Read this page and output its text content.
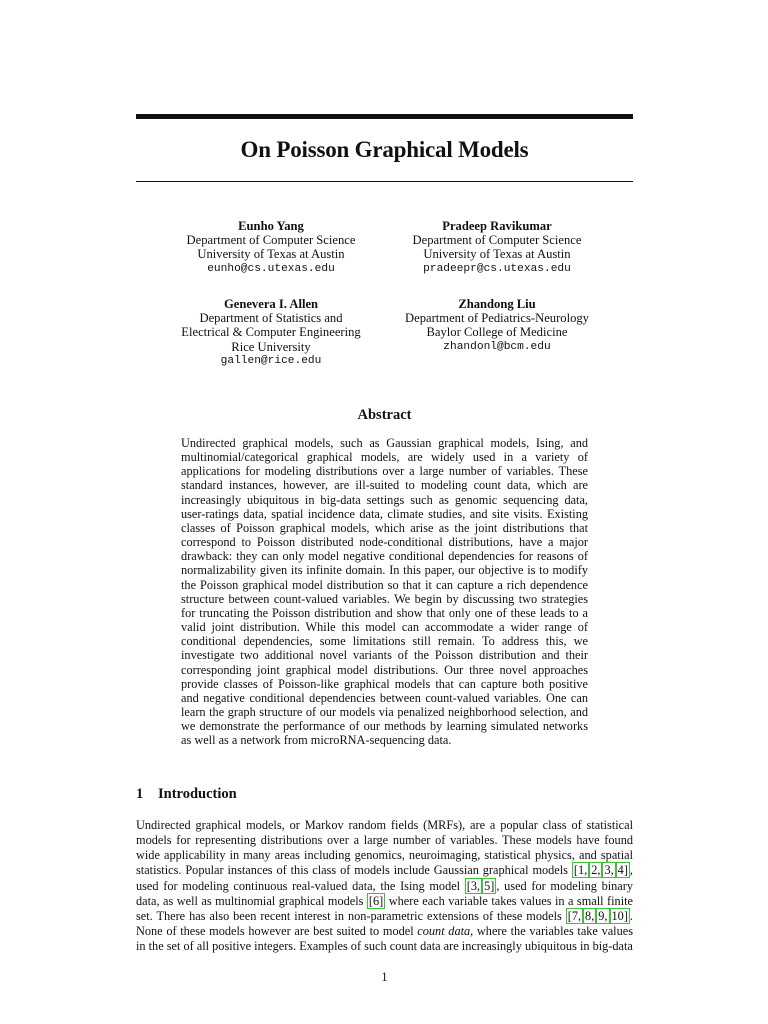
On Poisson Graphical Models
Eunho Yang
Department of Computer Science
University of Texas at Austin
eunho@cs.utexas.edu
Pradeep Ravikumar
Department of Computer Science
University of Texas at Austin
pradeepr@cs.utexas.edu
Genevera I. Allen
Department of Statistics and
Electrical & Computer Engineering
Rice University
gallen@rice.edu
Zhandong Liu
Department of Pediatrics-Neurology
Baylor College of Medicine
zhandonl@bcm.edu
Abstract
Undirected graphical models, such as Gaussian graphical models, Ising, and multinomial/categorical graphical models, are widely used in a variety of applications for modeling distributions over a large number of variables. These standard instances, however, are ill-suited to modeling count data, which are increasingly ubiquitous in big-data settings such as genomic sequencing data, user-ratings data, spatial incidence data, climate studies, and site visits. Existing classes of Poisson graphical models, which arise as the joint distributions that correspond to Poisson distributed node-conditional distributions, have a major drawback: they can only model negative conditional dependencies for reasons of normalizability given its infinite domain. In this paper, our objective is to modify the Poisson graphical model distribution so that it can capture a rich dependence structure between count-valued variables. We begin by discussing two strategies for truncating the Poisson distribution and show that only one of these leads to a valid joint distribution. While this model can accommodate a wider range of conditional dependencies, some limitations still remain. To address this, we investigate two additional novel variants of the Poisson distribution and their corresponding joint graphical model distributions. Our three novel approaches provide classes of Poisson-like graphical models that can capture both positive and negative conditional dependencies between count-valued variables. One can learn the graph structure of our models via penalized neighborhood selection, and we demonstrate the performance of our methods by learning simulated networks as well as a network from microRNA-sequencing data.
1 Introduction
Undirected graphical models, or Markov random fields (MRFs), are a popular class of statistical models for representing distributions over a large number of variables. These models have found wide applicability in many areas including genomics, neuroimaging, statistical physics, and spatial statistics. Popular instances of this class of models include Gaussian graphical models [1, 2, 3, 4] , used for modeling continuous real-valued data, the Ising model [3, 5] , used for modeling binary data, as well as multinomial graphical models [6] where each variable takes values in a small finite set. There has also been recent interest in non-parametric extensions of these models [7, 8, 9, 10] . None of these models however are best suited to model count data, where the variables take values in the set of all positive integers. Examples of such count data are increasingly ubiquitous in big-data
1
